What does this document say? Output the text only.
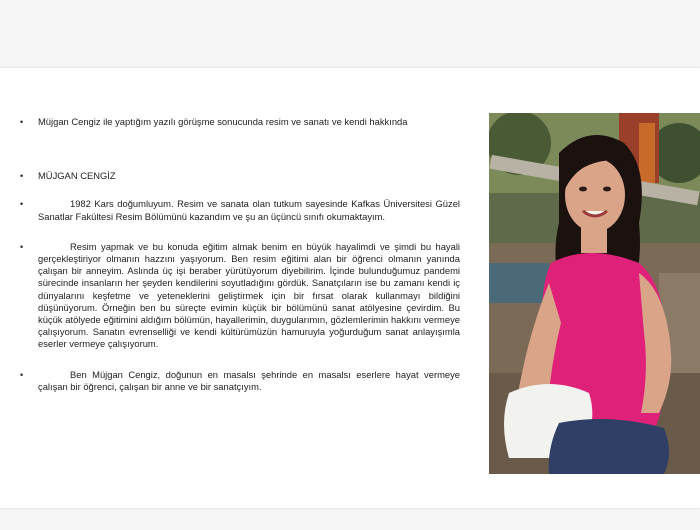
• Müjgan Cengiz ile yaptığım yazılı görüşme sonucunda resim ve sanatı ve kendi hakkında

• MÜJGAN CENGİZ

•	1982 Kars doğumluyum. Resim ve sanata olan tutkum sayesinde Kafkas Üniversitesi Güzel Sanatlar Fakültesi Resim Bölümünü kazandım ve şu an üçüncü sınıfı okumaktayım.

•	Resim yapmak ve bu konuda eğitim almak benim en büyük hayalimdi ve şimdi bu hayali gerçekleştiriyor olmanın hazzını yaşıyorum. Ben resim eğitimi alan bir öğrenci olmanın yanında çalışan bir anneyim. Aslında üç işi beraber yürütüyorum diyebilirim. İçinde bulunduğumuz pandemi sürecinde insanların her şeyden kendilerini soyutladığını gördük. Sanatçıların ise bu zamanı kendi iç dünyalarını keşfetme ve yeteneklerini geliştirmek için bir fırsat olarak kullanmayı bildiğini düşünüyorum. Örneğin ben bu süreçte evimin küçük bir bölümünü sanat atölyesine çevirdim. Bu küçük atölyede eğitimini aldığım bölümün, hayallerimin, duygularımın, gözlemlerimin hakkını vermeye çalışıyorum. Sanatın evrenselliği ve kendi kültürümüzün hamuruyla yoğurduğum sanat anlayışımla eserler vermeye çalışıyorum.

•	Ben Müjgan Cengiz, doğunun en masalsı şehrinde en masalsı eserlere hayat vermeye çalışan bir öğrenci, çalışan bir anne ve bir sanatçıyım.
